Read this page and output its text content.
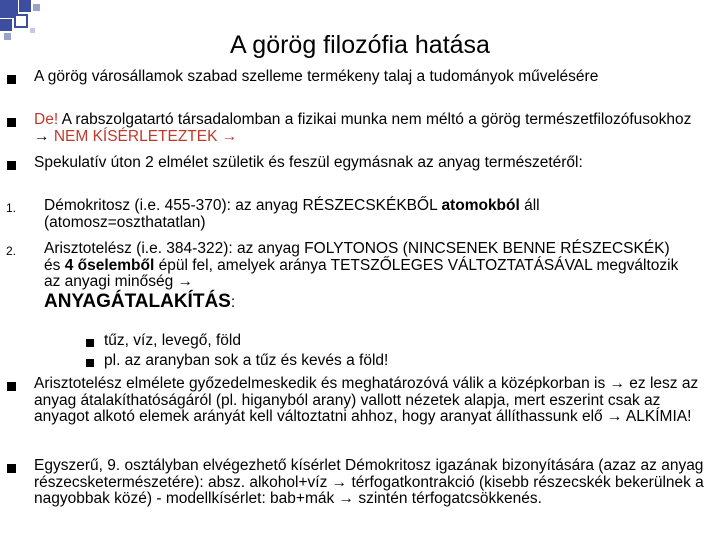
A görög filozófia hatása
A görög városállamok szabad szelleme termékeny talaj a tudományok művelésére
De! A rabszolgatartó társadalomban a fizikai munka nem méltó a görög természetfilozófusokhoz → NEM KÍSÉRLETEZTEK →
Spekulatív úton 2 elmélet születik és feszül egymásnak az anyag természetéről:
1. Démokritosz (i.e. 455-370): az anyag RÉSZECSKÉKBŐL atomokból áll (atomosz=oszthatatlan)
2. Arisztotelész (i.e. 384-322): az anyag FOLYTONOS (NINCSENEK BENNE RÉSZECSKÉK) és 4 őselemből épül fel, amelyek aránya TETSZŐLEGES VÁLTOZTATÁSÁVAL megváltozik az anyagi minőség →
ANYAGÁTALAKÍTÁS:
tűz, víz, levegő, föld
pl. az aranyban sok a tűz és kevés a föld!
Arisztotelész elmélete győzedelmeskedik és meghatározóvá válik a középkorban is → ez lesz az anyag átalakíthatóságáról (pl. higanyból arany) vallott nézetek alapja, mert eszerint csak az anyagot alkotó elemek arányát kell változtatni ahhoz, hogy aranyat állíthassunk elő → ALKÍMIA!
Egyszerű, 9. osztályban elvégezhető kísérlet Démokritosz igazának bizonyítására (azaz az anyag részecsketermészetére): absz. alkohol+víz → térfogatkontrakció (kisebb részecskék bekerülnek a nagyobbak közé) - modellkísérlet: bab+mák → szintén térfogatcsökkenés.
